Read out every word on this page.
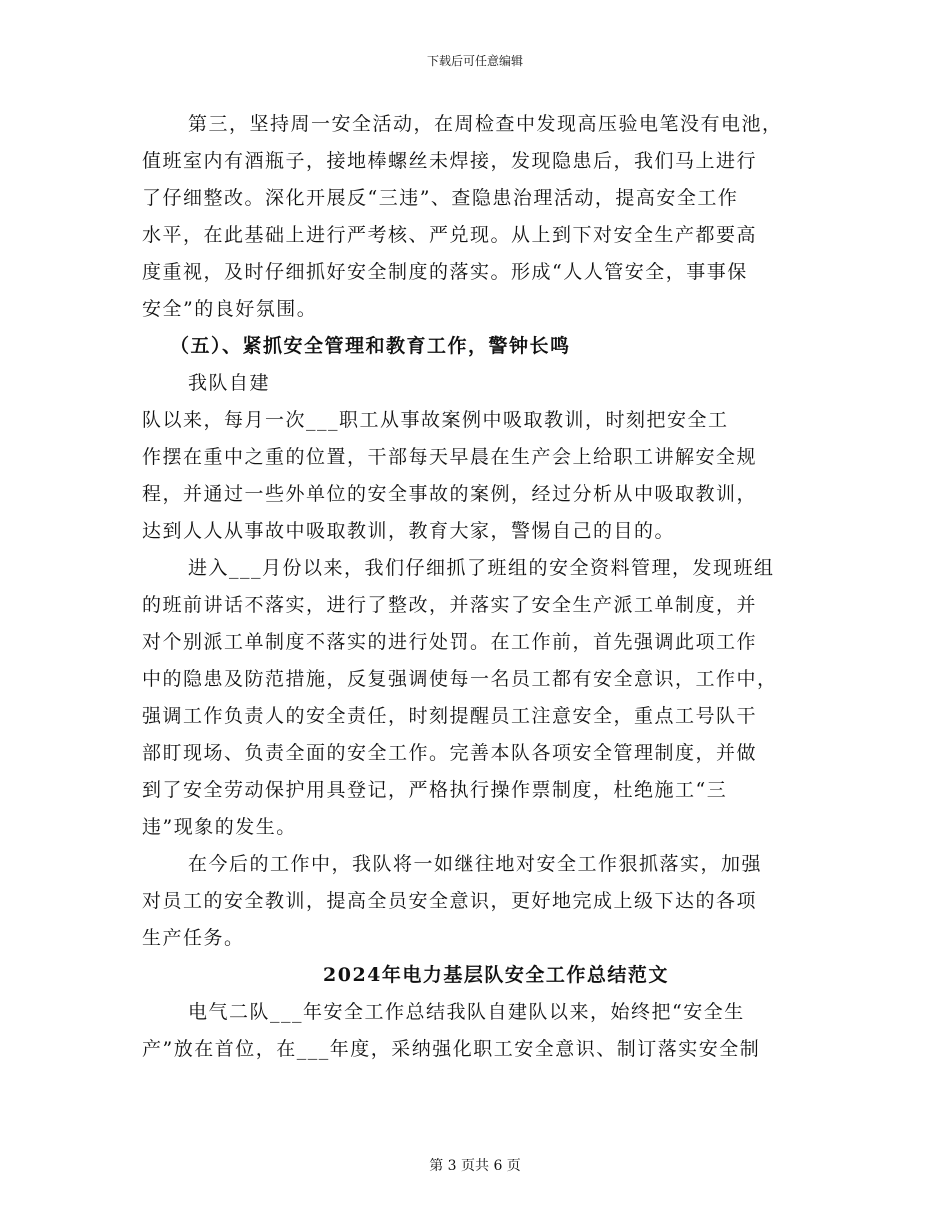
下载后可任意编辑
第三，坚持周一安全活动，在周检查中发现高压验电笔没有电池，
值班室内有酒瓶子，接地棒螺丝未焊接，发现隐患后，我们马上进行
了仔细整改。深化开展反“三违”、查隐患治理活动，提高安全工作
水平，在此基础上进行严考核、严兑现。从上到下对安全生产都要高
度重视，及时仔细抓好安全制度的落实。形成“人人管安全，事事保
安全”的良好氛围。
（五）、紧抓安全管理和教育工作，警钟长鸣
我队自建
队以来，每月一次___职工从事故案例中吸取教训，时刻把安全工
作摆在重中之重的位置，干部每天早晨在生产会上给职工讲解安全规
程，并通过一些外单位的安全事故的案例，经过分析从中吸取教训，
达到人人从事故中吸取教训，教育大家，警惕自己的目的。
进入___月份以来，我们仔细抓了班组的安全资料管理，发现班组
的班前讲话不落实，进行了整改，并落实了安全生产派工单制度，并
对个别派工单制度不落实的进行处罚。在工作前，首先强调此项工作
中的隐患及防范措施，反复强调使每一名员工都有安全意识，工作中，
强调工作负责人的安全责任，时刻提醒员工注意安全，重点工号队干
部盯现场、负责全面的安全工作。完善本队各项安全管理制度，并做
到了安全劳动保护用具登记，严格执行操作票制度，杜绝施工“三
违”现象的发生。
在今后的工作中，我队将一如继往地对安全工作狠抓落实，加强
对员工的安全教训，提高全员安全意识，更好地完成上级下达的各项
生产任务。
2024年电力基层队安全工作总结范文
电气二队___年安全工作总结我队自建队以来，始终把“安全生
产”放在首位，在___年度，采纳强化职工安全意识、制订落实安全制
第 3 页共 6 页
